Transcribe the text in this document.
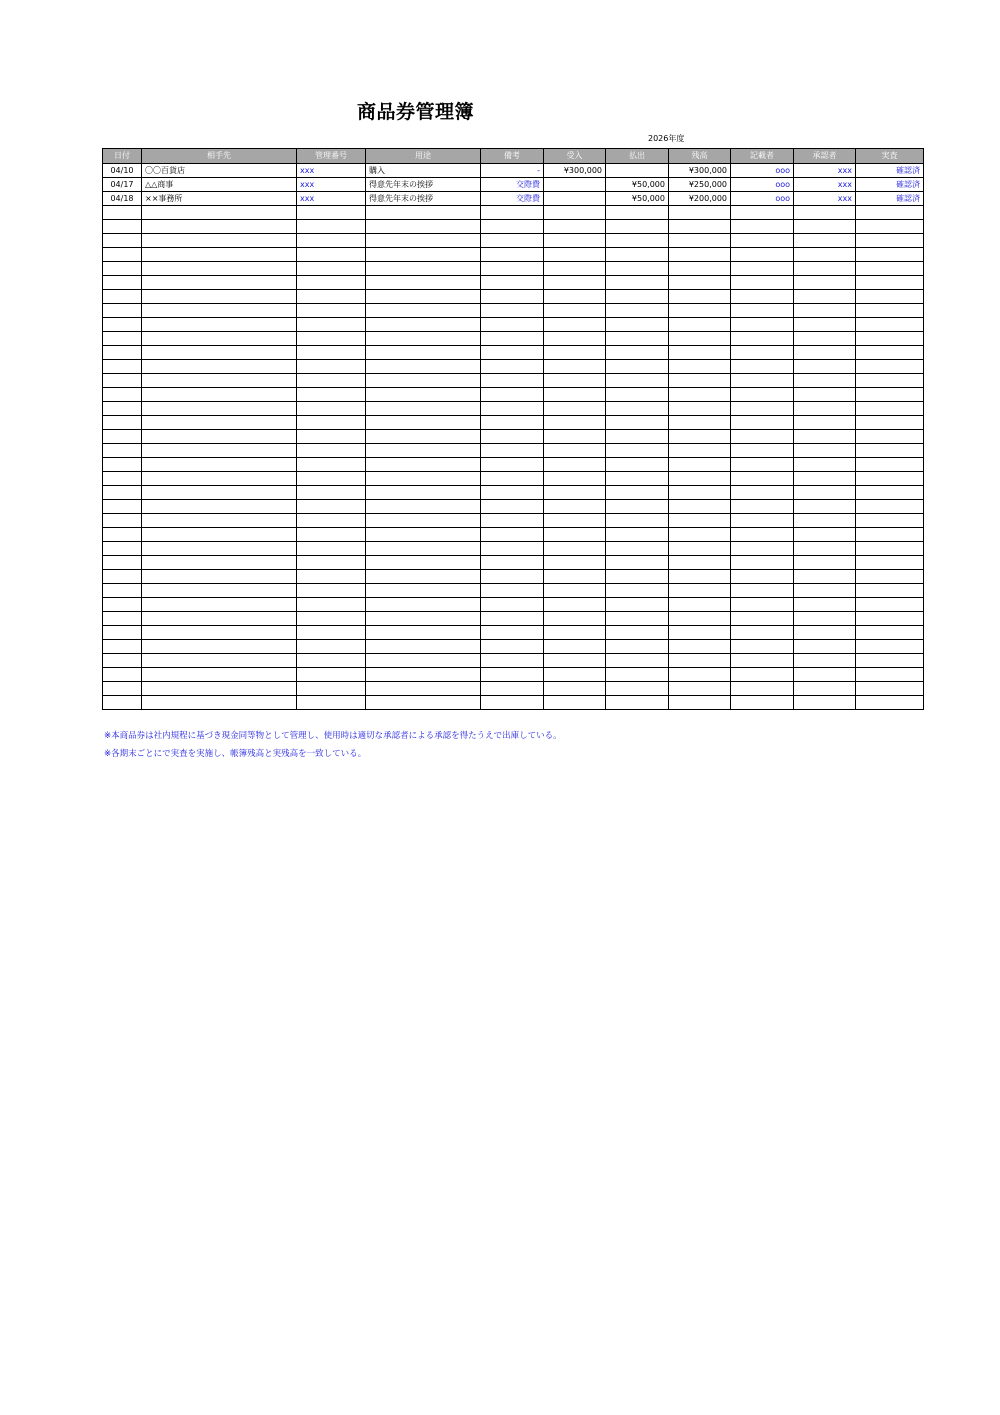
商品券管理簿
2026年度
日付	相手先	管理番号	用途	備考	受入	払出	残高	記載者	承認者	実査
04/10	〇〇百貨店	xxx	購入	-	¥300,000		¥300,000	ooo	xxx	確認済
04/17	△△商事	xxx	得意先年末の挨拶	交際費		¥50,000	¥250,000	ooo	xxx	確認済
04/18	××事務所	xxx	得意先年末の挨拶	交際費		¥50,000	¥200,000	ooo	xxx	確認済

※本商品券は社内規程に基づき現金同等物として管理し、使用時は適切な承認者による承認を得たうえで出庫している。
※各期末ごとにで実査を実施し、帳簿残高と実残高を一致している。
